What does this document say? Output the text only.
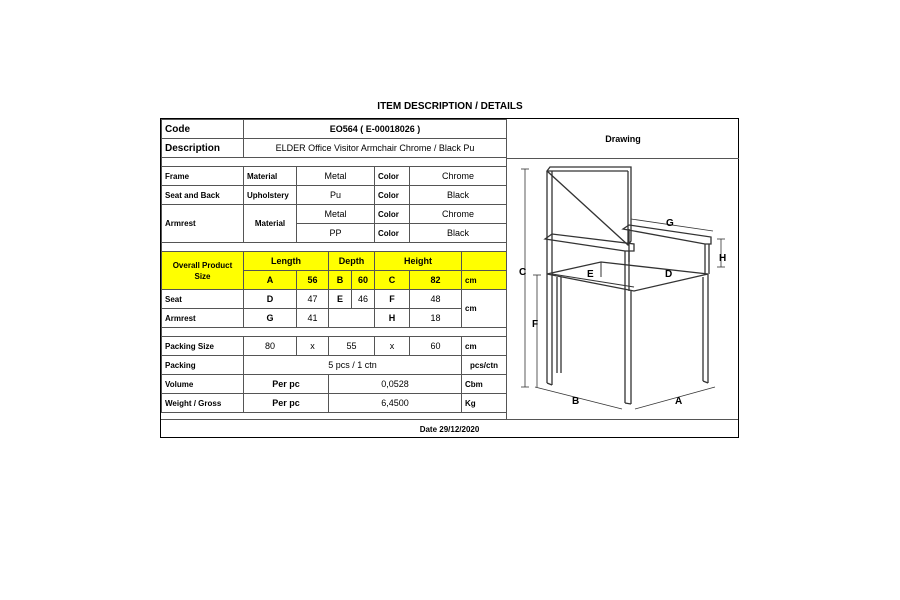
ITEM DESCRIPTION / DETAILS
Code	EO564 ( E-00018026 )						
Description	ELDER Office Visitor Armchair Chrome / Black Pu						

Frame	Material	Metal			Color	Chrome	
Seat and Back	Upholstery	Pu			Color	Black	
Armrest	Material	Metal			Color	Chrome	
		PP			Color	Black	

Overall Product Size	Length		Depth		Height		
	A	56	B	60	C	82	cm
Seat	D	47	E	46	F	48	cm
Armrest	G	41			H	18	

Packing Size	80	x	55		x	60	cm
Packing	5 pcs / 1 ctn						pcs/ctn
Volume	Per pc		0,0528				Cbm
Weight / Gross	Per pc		6,4500				Kg
Drawing
C
F
E	D
G
H
B	A
Date 29/12/2020
